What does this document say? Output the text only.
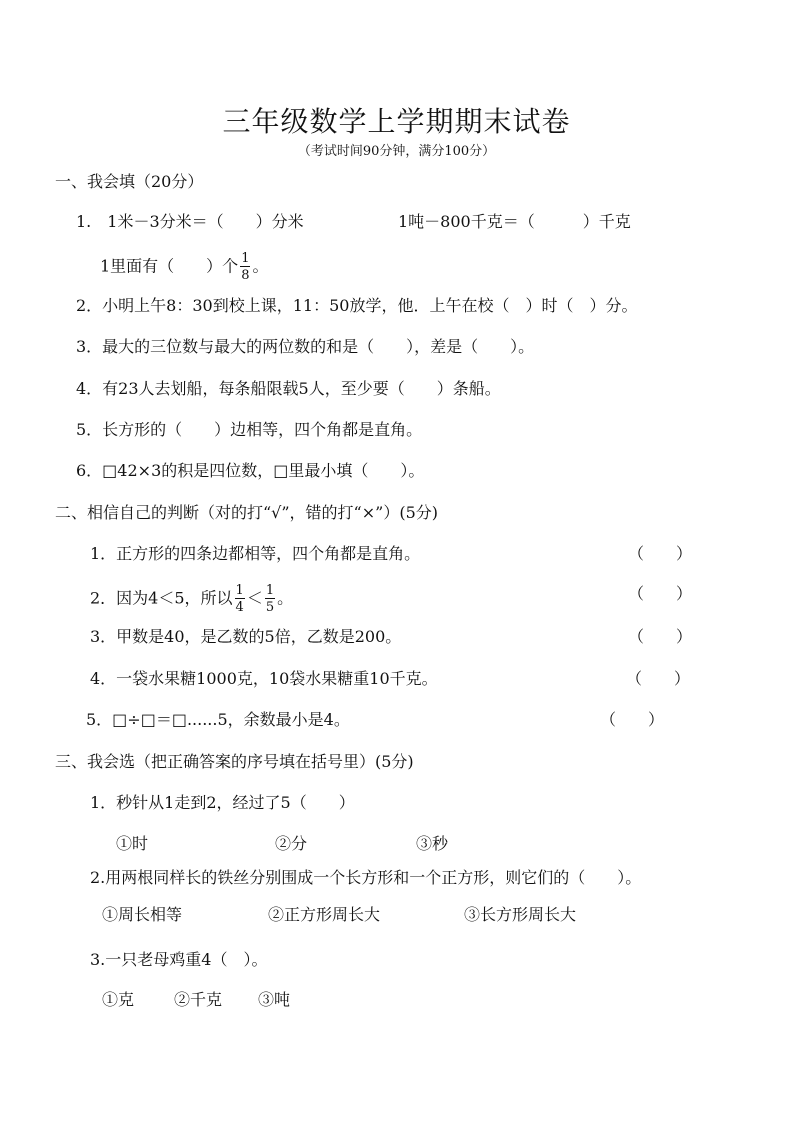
三年级数学上学期期末试卷
（考试时间90分钟，满分100分）
一、我会填（20分）
1.　1米－3分米＝（　　）分米	1吨－800千克＝（　　　）千克
1里面有（　　）个 $\frac{1}{8}$ 。
2．小明上午8：30到校上课，11：50放学，他．上午在校（　）时（　）分。
3．最大的三位数与最大的两位数的和是（　　），差是（　　）。
4．有23人去划船，每条船限载5人，至少要（　　）条船。
5．长方形的（　　）边相等，四个角都是直角。
6．□42×3的积是四位数，□里最小填（　　）。
二、相信自己的判断（对的打“√”，错的打“×”）(5分)
1．正方形的四条边都相等，四个角都是直角。	（　　）
2．因为4＜5，所以 $\frac{1}{4} < \frac{1}{5}$ 。	（　　）
3．甲数是40，是乙数的5倍，乙数是200。	（　　）
4．一袋水果糖1000克，10袋水果糖重10千克。	（　　）
5．□÷□＝□......5，余数最小是4。	（　　）
三、我会选（把正确答案的序号填在括号里）(5分)
1．秒针从1走到2，经过了5（　　）
①时	②分	③秒
2.用两根同样长的铁丝分别围成一个长方形和一个正方形，则它们的（　　）。
①周长相等	②正方形周长大	③长方形周长大
3.一只老母鸡重4（　）。
①克 ②千克 ③吨
